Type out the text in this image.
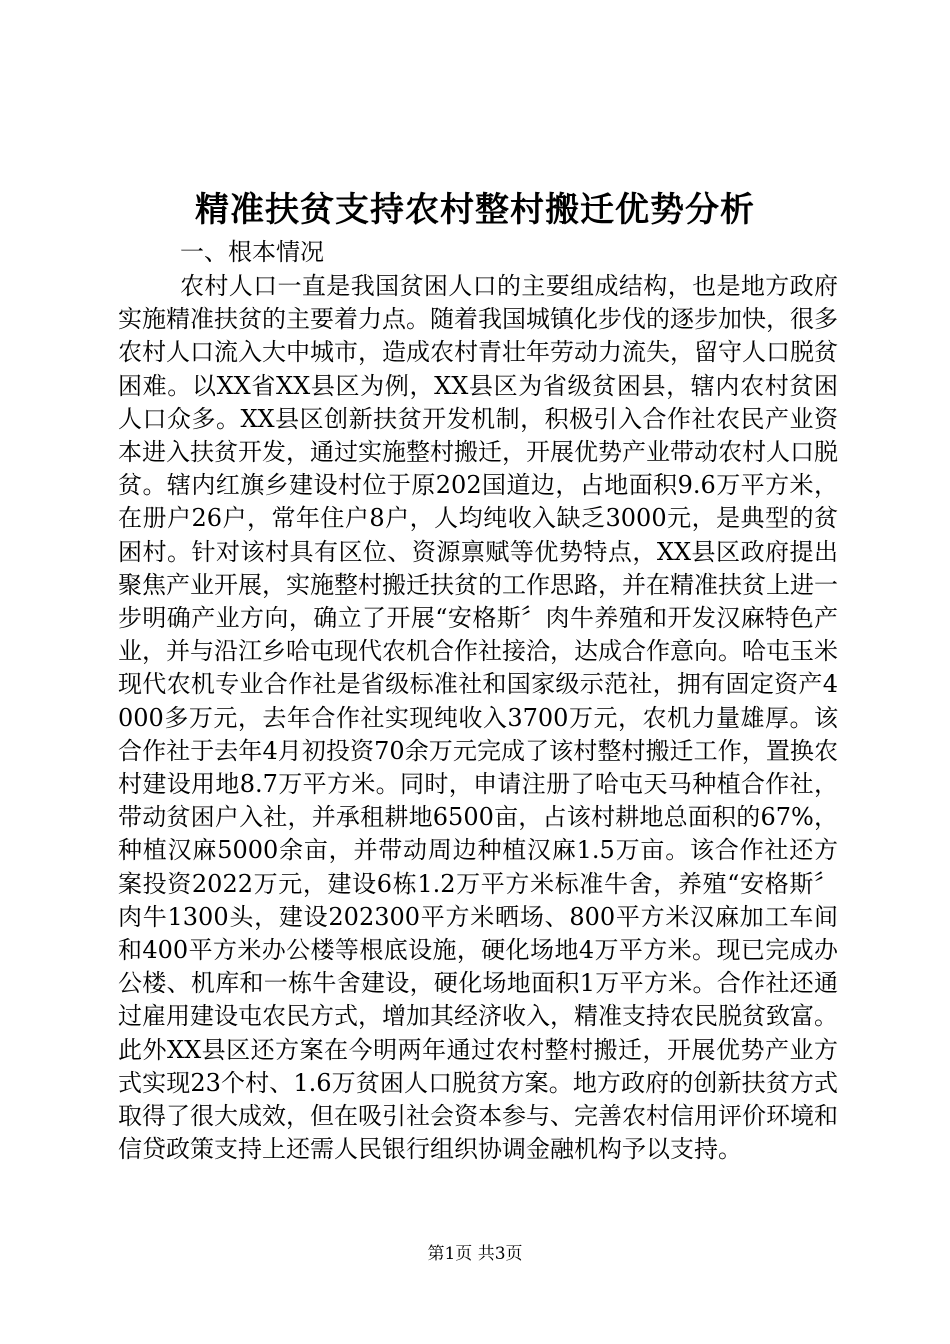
精准扶贫支持农村整村搬迁优势分析

一、根本情况

农村人口一直是我国贫困人口的主要组成结构，也是地方政府实施精准扶贫的主要着力点。随着我国城镇化步伐的逐步加快，很多农村人口流入大中城市，造成农村青壮年劳动力流失，留守人口脱贫困难。以XX省XX县区为例，XX县区为省级贫困县，辖内农村贫困人口众多。XX县区创新扶贫开发机制，积极引入合作社农民产业资本进入扶贫开发，通过实施整村搬迁，开展优势产业带动农村人口脱贫。辖内红旗乡建设村位于原202国道边，占地面积9.6万平方米，在册户26户，常年住户8户，人均纯收入缺乏3000元，是典型的贫困村。针对该村具有区位、资源禀赋等优势特点，XX县区政府提出聚焦产业开展，实施整村搬迁扶贫的工作思路，并在精准扶贫上进一步明确产业方向，确立了开展“安格斯〞肉牛养殖和开发汉麻特色产业，并与沿江乡哈屯现代农机合作社接洽，达成合作意向。哈屯玉米现代农机专业合作社是省级标准社和国家级示范社，拥有固定资产4000多万元，去年合作社实现纯收入3700万元，农机力量雄厚。该合作社于去年4月初投资70余万元完成了该村整村搬迁工作，置换农村建设用地8.7万平方米。同时，申请注册了哈屯天马种植合作社，带动贫困户入社，并承租耕地6500亩，占该村耕地总面积的67%，种植汉麻5000余亩，并带动周边种植汉麻1.5万亩。该合作社还方案投资2022万元，建设6栋1.2万平方米标准牛舍，养殖“安格斯〞肉牛1300头，建设202300平方米晒场、800平方米汉麻加工车间和400平方米办公楼等根底设施，硬化场地4万平方米。现已完成办公楼、机库和一栋牛舍建设，硬化场地面积1万平方米。合作社还通过雇用建设屯农民方式，增加其经济收入，精准支持农民脱贫致富。此外XX县区还方案在今明两年通过农村整村搬迁，开展优势产业方式实现23个村、1.6万贫困人口脱贫方案。地方政府的创新扶贫方式取得了很大成效，但在吸引社会资本参与、完善农村信用评价环境和信贷政策支持上还需人民银行组织协调金融机构予以支持。

第1页 共3页
